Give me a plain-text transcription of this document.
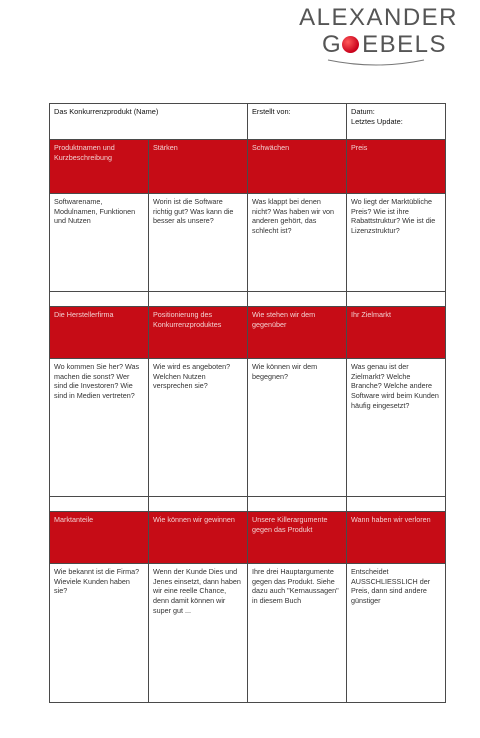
ALEXANDER
G EBELS
Das Konkurrenzprodukt (Name)		Erstellt von:	Datum:
Letztes Update:

Produktnamen und Kurzbeschreibung	Stärken	Schwächen	Preis
Softwarename, Modulnamen, Funktionen und Nutzen	Worin ist die Software richtig gut? Was kann die besser als unsere?	Was klappt bei denen nicht? Was haben wir von anderen gehört, das schlecht ist?	Wo liegt der Marktübliche Preis? Wie ist ihre Rabattstruktur? Wie ist die Lizenzstruktur?

Die Herstellerfirma	Positionierung des Konkurrenzproduktes	Wie stehen wir dem gegenüber	Ihr Zielmarkt
Wo kommen Sie her? Was machen die sonst? Wer sind die Investoren? Wie sind in Medien vertreten?	Wie wird es angeboten? Welchen Nutzen versprechen sie?	Wie können wir dem begegnen?	Was genau ist der Zielmarkt? Welche Branche? Welche andere Software wird beim Kunden häufig eingesetzt?

Marktanteile	Wie können wir gewinnen	Unsere Killerargumente gegen das Produkt	Wann haben wir verloren
Wie bekannt ist die Firma? Wieviele Kunden haben sie?	Wenn der Kunde Dies und Jenes einsetzt, dann haben wir eine reelle Chance, denn damit können wir super gut ...	Ihre drei Hauptargumente gegen das Produkt. Siehe dazu auch "Kernaussagen" in diesem Buch	Entscheidet AUSSCHLIESSLICH der Preis, dann sind andere günstiger
